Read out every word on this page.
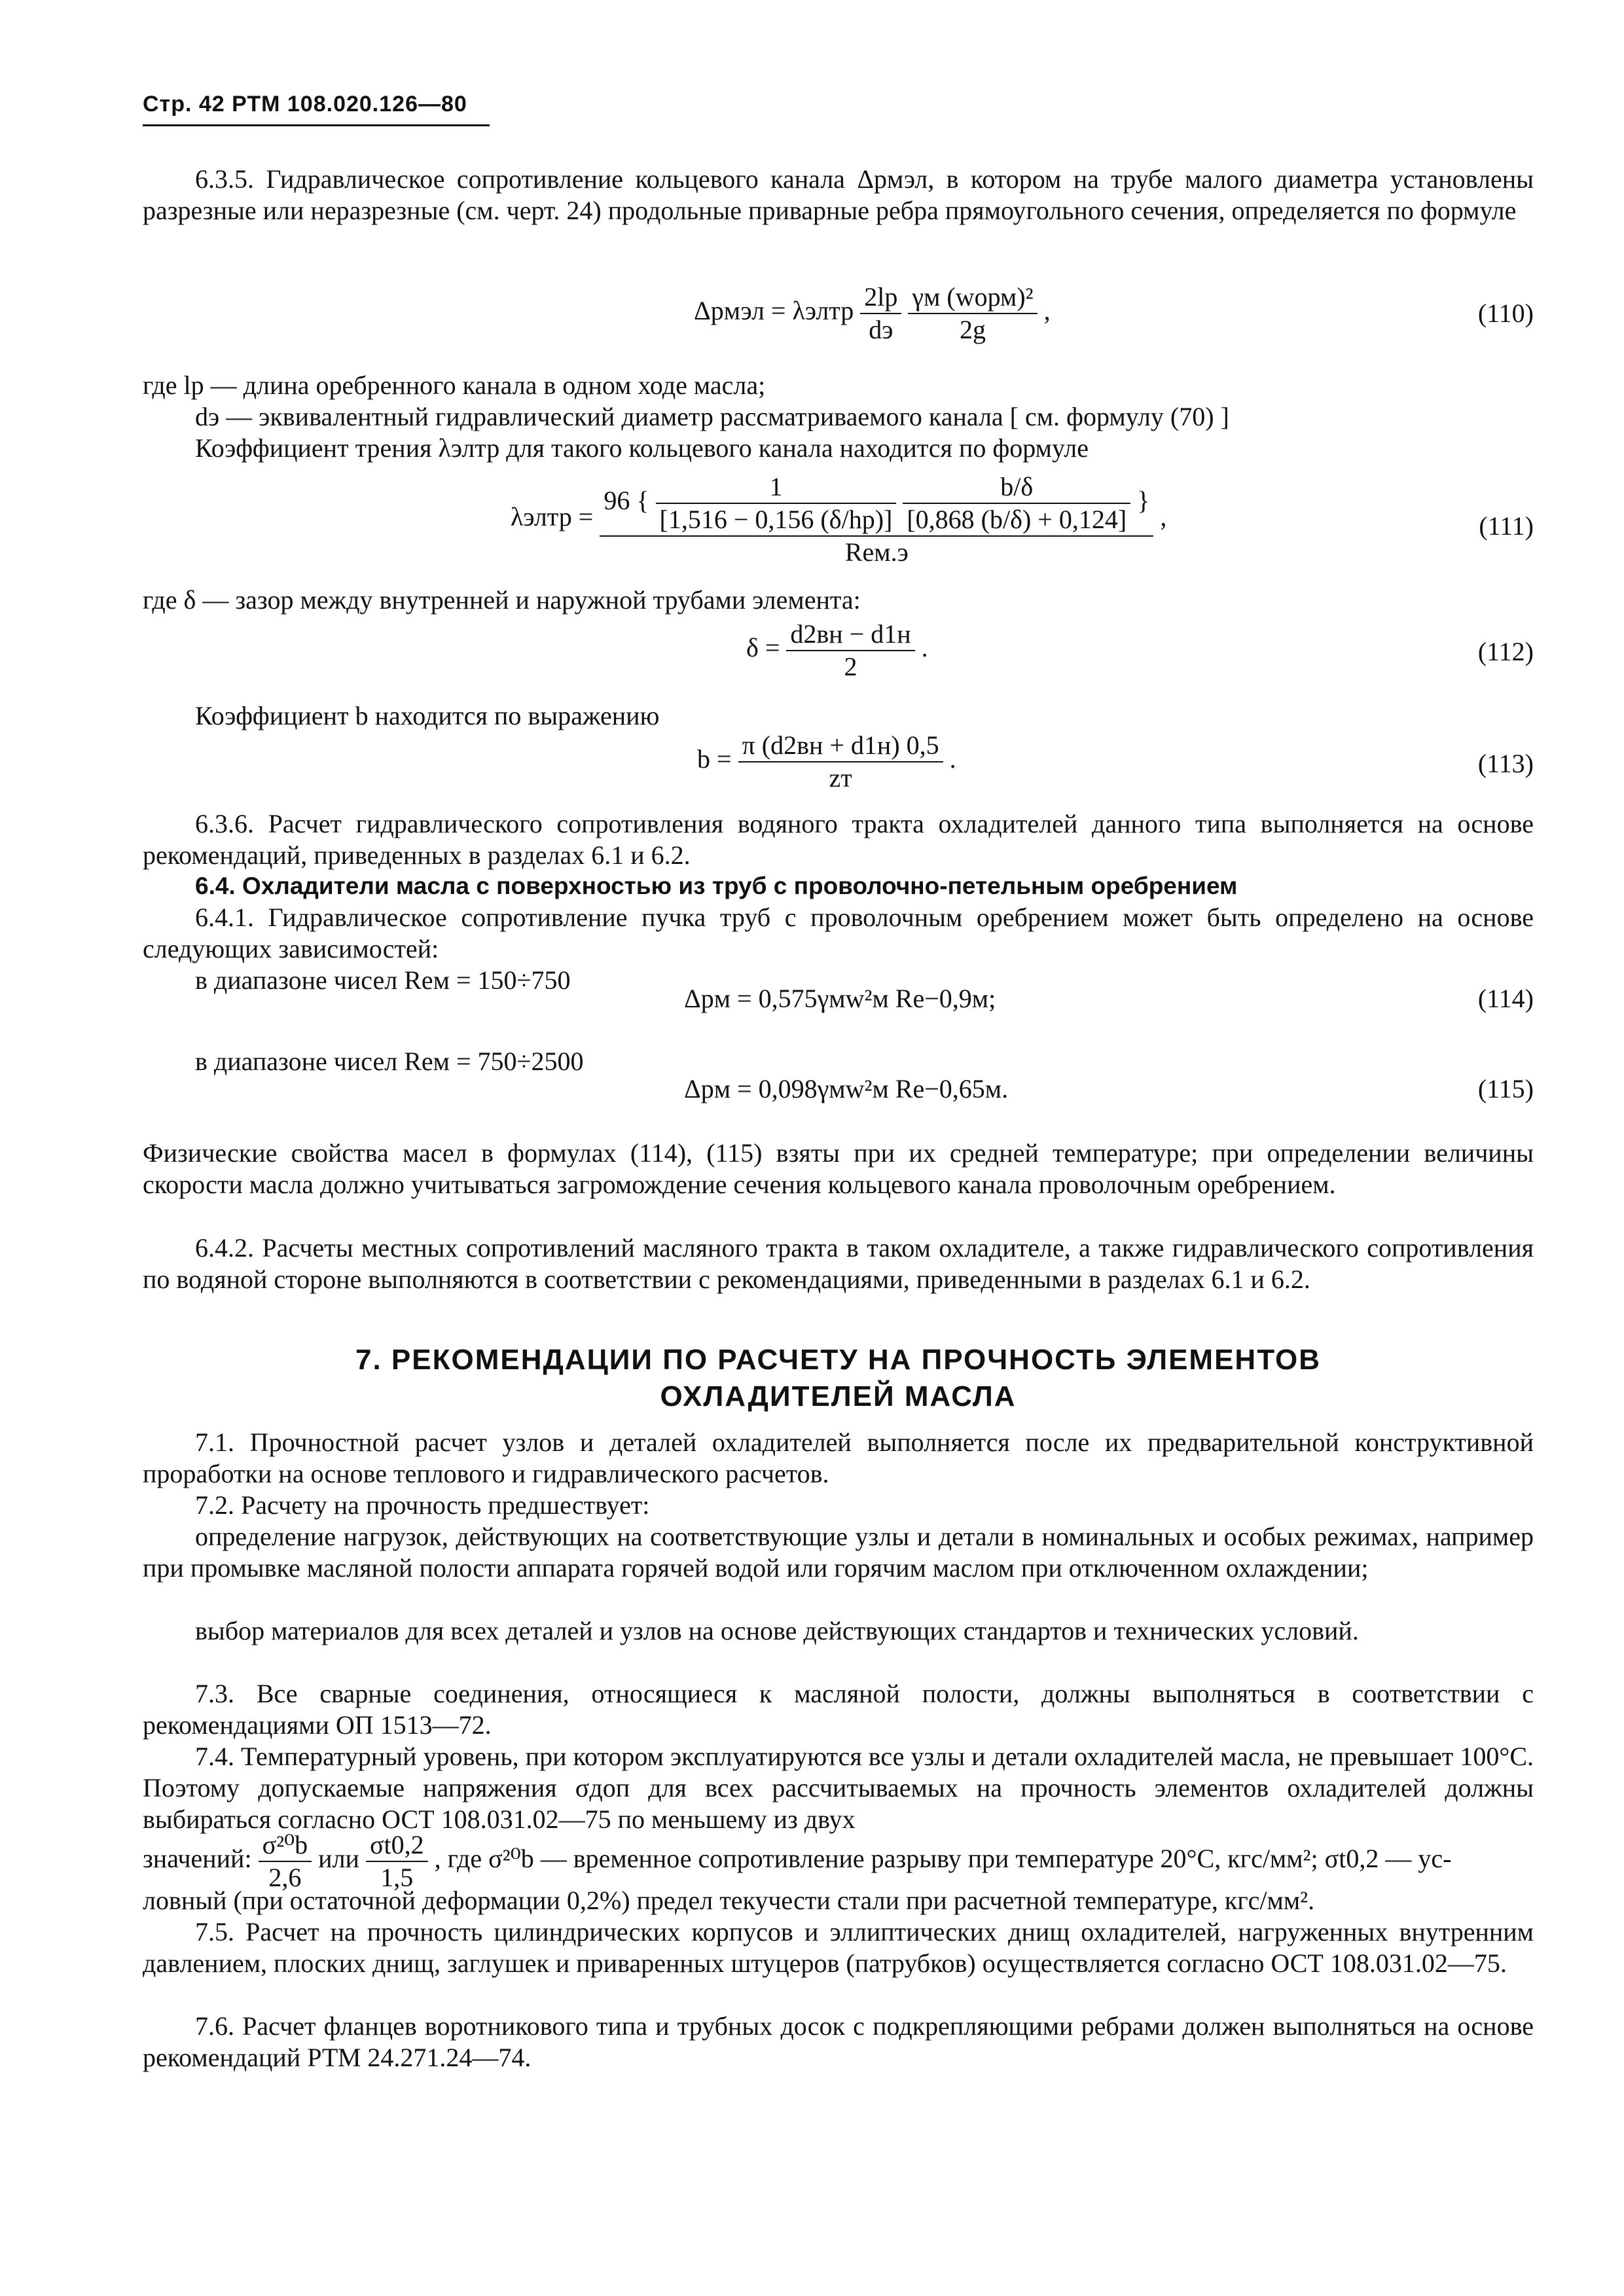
Стр. 42 РТМ 108.020.126—80
6.3.5. Гидравлическое сопротивление кольцевого канала Δpмэл, в котором на трубе малого диаметра установлены разрезные или неразрезные (см. черт. 24) продольные приварные ребра прямоугольного сечения, определяется по формуле
Δpмэл = λэлтр $\frac{2lр}{dэ}$
$\frac{\text{γм (wорм)²}}{2g}$ ,	(110)
где lр — длина оребренного канала в одном ходе масла;
dэ — эквивалентный гидравлический диаметр рассматриваемого канала [ см. формулу (70) ]
Коэффициент трения λэлтр для такого кольцевого канала находится по формуле
λэлтр =
96 { $\frac{1}{[1,516 - 0,156 (\delta/hр)]}$
$\frac{b/\delta}{[0,868 (b/\delta) + 0,124]}$ }
Reм.э
,	(111)
где δ — зазор между внутренней и наружной трубами элемента:
$\delta = \frac{d2вн - d1н}{2}$ .	(112)
Коэффициент b находится по выражению
$b = \frac{\pi (d2вн + d1н) 0,5}{zт}$ .	(113)
6.3.6. Расчет гидравлического сопротивления водяного тракта охладителей данного типа выполняется на основе рекомендаций, приведенных в разделах 6.1 и 6.2.
6.4. Охладители масла с поверхностью из труб с проволочно-петельным оребрением
6.4.1. Гидравлическое сопротивление пучка труб с проволочным оребрением может быть определено на основе следующих зависимостей:
в диапазоне чисел Reм = 150÷750
Δpм = 0,575γмw²м Re−0,9м;	(114)
в диапазоне чисел Reм = 750÷2500
Δpм = 0,098γмw²м Re−0,65м.	(115)
Физические свойства масел в формулах (114), (115) взяты при их средней температуре; при определении величины скорости масла должно учитываться загромождение сечения кольцевого канала проволочным оребрением.
6.4.2. Расчеты местных сопротивлений масляного тракта в таком охладителе, а также гидравлического сопротивления по водяной стороне выполняются в соответствии с рекомендациями, приведенными в разделах 6.1 и 6.2.
7. РЕКОМЕНДАЦИИ ПО РАСЧЕТУ НА ПРОЧНОСТЬ ЭЛЕМЕНТОВ
ОХЛАДИТЕЛЕЙ МАСЛА
7.1. Прочностной расчет узлов и деталей охладителей выполняется после их предварительной конструктивной проработки на основе теплового и гидравлического расчетов.
7.2. Расчету на прочность предшествует:
определение нагрузок, действующих на соответствующие узлы и детали в номинальных и особых режимах, например при промывке масляной полости аппарата горячей водой или горячим маслом при отключенном охлаждении;
выбор материалов для всех деталей и узлов на основе действующих стандартов и технических условий.
7.3. Все сварные соединения, относящиеся к масляной полости, должны выполняться в соответствии с рекомендациями ОП 1513—72.
7.4. Температурный уровень, при котором эксплуатируются все узлы и детали охладителей масла, не превышает 100°С. Поэтому допускаемые напряжения σдоп для всех рассчитываемых на прочность элементов охладителей должны выбираться согласно ОСТ 108.031.02—75 по меньшему из двух
значений: $\frac{\text{σ²⁰b}}{2,6}$ или $\frac{\sigma t0,2}{1,5}$ , где σ²⁰b — временное сопротивление разрыву при температуре 20°С, кгс/мм²; σt0,2 — ус-
ловный (при остаточной деформации 0,2%) предел текучести стали при расчетной температуре, кгс/мм².
7.5. Расчет на прочность цилиндрических корпусов и эллиптических днищ охладителей, нагруженных внутренним давлением, плоских днищ, заглушек и приваренных штуцеров (патрубков) осуществляется согласно ОСТ 108.031.02—75.
7.6. Расчет фланцев воротникового типа и трубных досок с подкрепляющими ребрами должен выполняться на основе рекомендаций РТМ 24.271.24—74.
